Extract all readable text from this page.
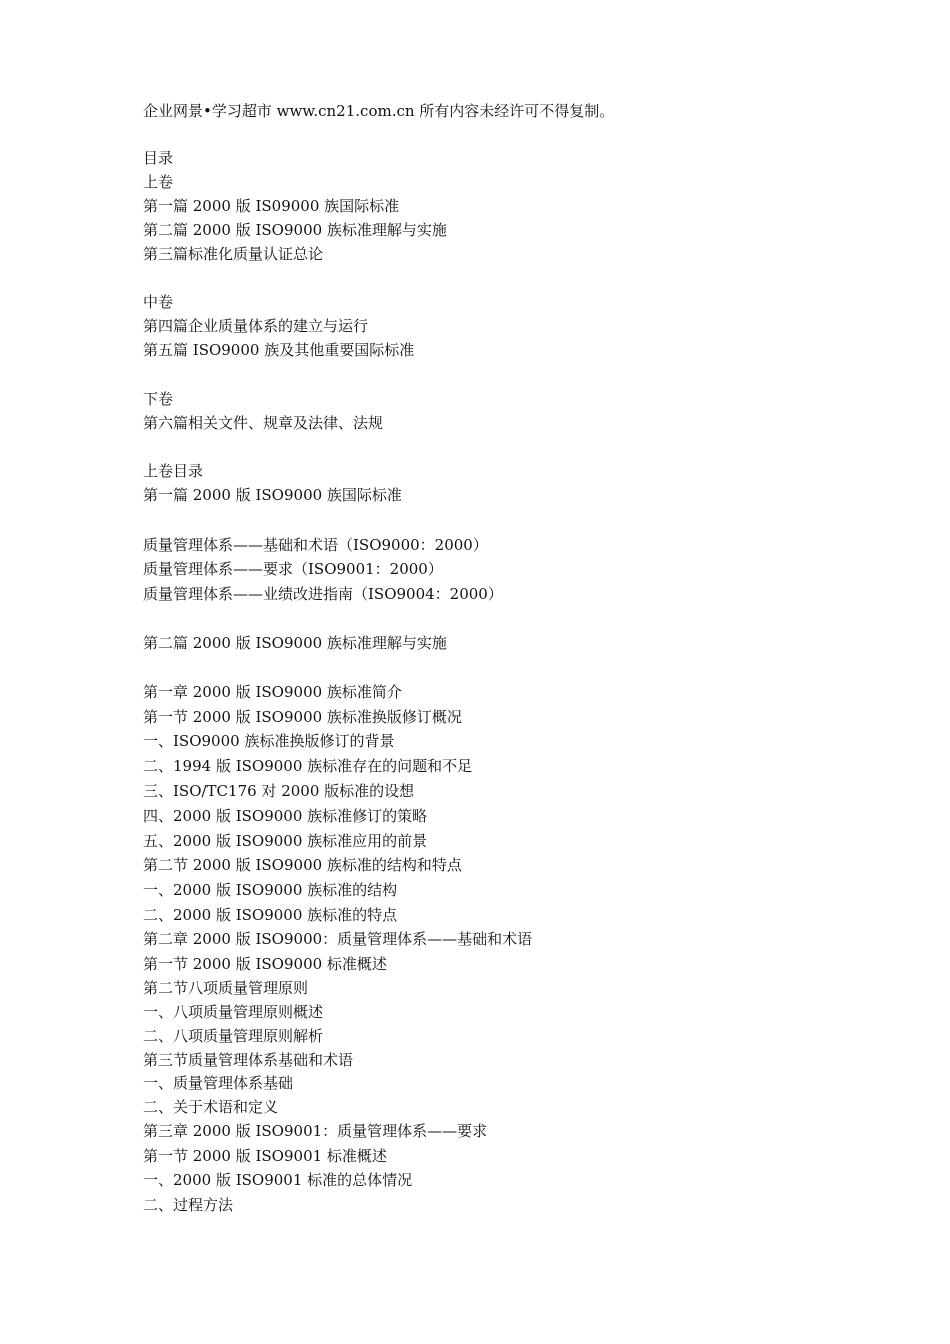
企业网景•学习超市 www.cn21.com.cn 所有内容未经许可不得复制。
目录
上卷
第一篇 2000 版 IS09000 族国际标准
第二篇 2000 版 ISO9000 族标准理解与实施
第三篇标准化质量认证总论
中卷
第四篇企业质量体系的建立与运行
第五篇 ISO9000 族及其他重要国际标准
下卷
第六篇相关文件、规章及法律、法规
上卷目录
第一篇 2000 版 ISO9000 族国际标准
质量管理体系——基础和术语（ISO9000：2000）
质量管理体系——要求（ISO9001：2000）
质量管理体系——业绩改进指南（ISO9004：2000）
第二篇 2000 版 ISO9000 族标准理解与实施
第一章 2000 版 ISO9000 族标准简介
第一节 2000 版 ISO9000 族标准换版修订概况
一、ISO9000 族标准换版修订的背景
二、1994 版 ISO9000 族标准存在的问题和不足
三、ISO/TC176 对 2000 版标准的设想
四、2000 版 ISO9000 族标准修订的策略
五、2000 版 ISO9000 族标准应用的前景
第二节 2000 版 ISO9000 族标准的结构和特点
一、2000 版 ISO9000 族标准的结构
二、2000 版 ISO9000 族标准的特点
第二章 2000 版 ISO9000：质量管理体系——基础和术语
第一节 2000 版 ISO9000 标准概述
第二节八项质量管理原则
一、八项质量管理原则概述
二、八项质量管理原则解析
第三节质量管理体系基础和术语
一、质量管理体系基础
二、关于术语和定义
第三章 2000 版 ISO9001：质量管理体系——要求
第一节 2000 版 ISO9001 标准概述
一、2000 版 ISO9001 标准的总体情况
二、过程方法
